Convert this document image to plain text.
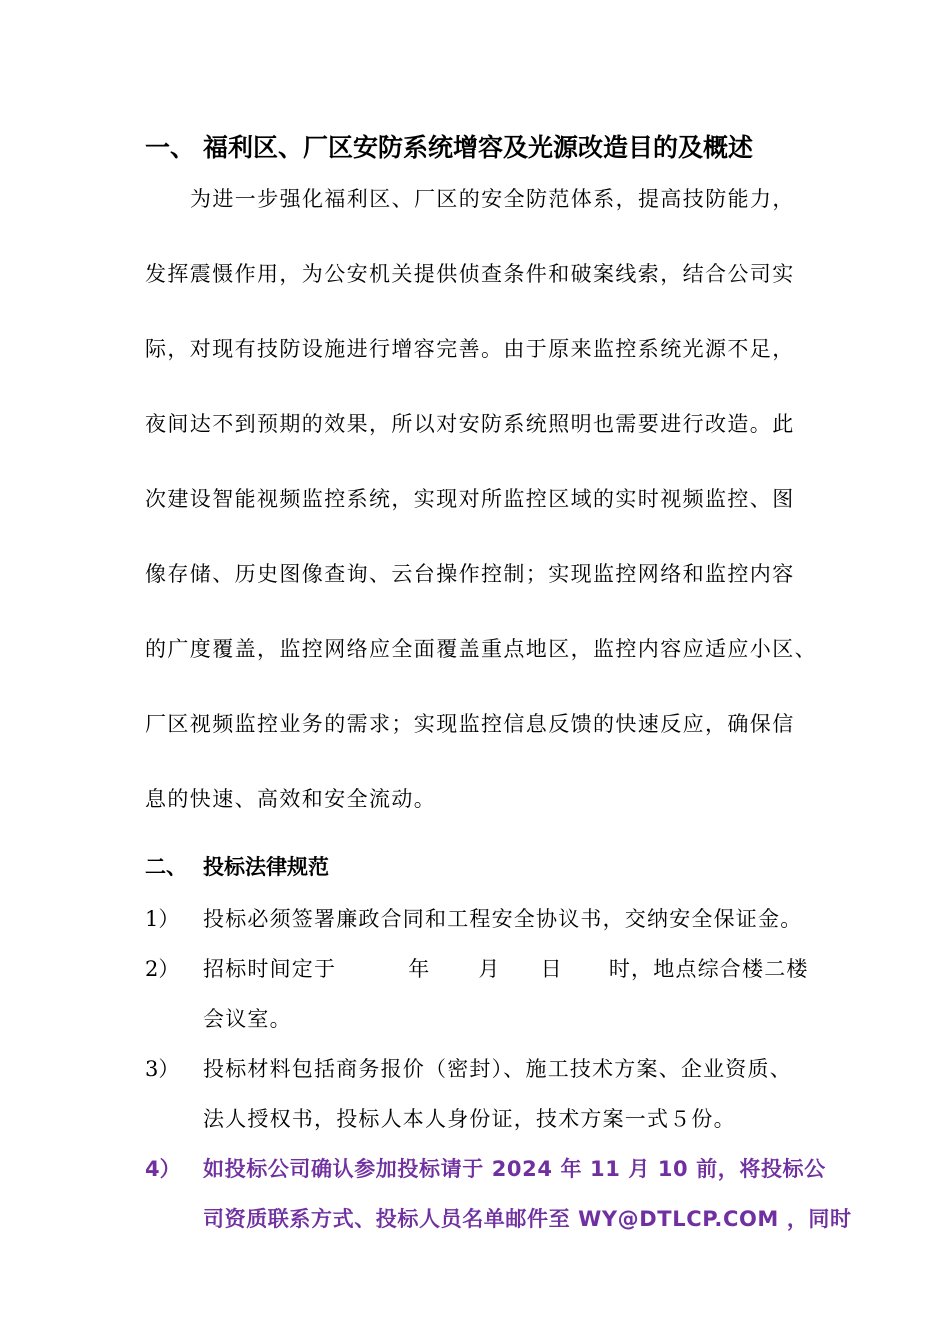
一、 福利区、厂区安防系统增容及光源改造目的及概述
为进一步强化福利区、厂区的安全防范体系，提高技防能力，
发挥震慑作用，为公安机关提供侦查条件和破案线索，结合公司实
际，对现有技防设施进行增容完善。由于原来监控系统光源不足，
夜间达不到预期的效果，所以对安防系统照明也需要进行改造。此
次建设智能视频监控系统，实现对所监控区域的实时视频监控、图
像存储、历史图像查询、云台操作控制；实现监控网络和监控内容
的广度覆盖，监控网络应全面覆盖重点地区，监控内容应适应小区、
厂区视频监控业务的需求；实现监控信息反馈的快速反应，确保信
息的快速、高效和安全流动。
二、 投标法律规范
1） 投标必须签署廉政合同和工程安全协议书，交纳安全保证金。
2） 招标时间定于	年 月 日 时，地点综合楼二楼
会议室。
3） 投标材料包括商务报价（密封）、施工技术方案、企业资质、
法人授权书，投标人本人身份证，技术方案一式５份。
4） 如投标公司确认参加投标请于 2024 年 11 月 10 前，将投标公
司资质联系方式、投标人员名单邮件至 WY@DTLCP.COM ，同时
